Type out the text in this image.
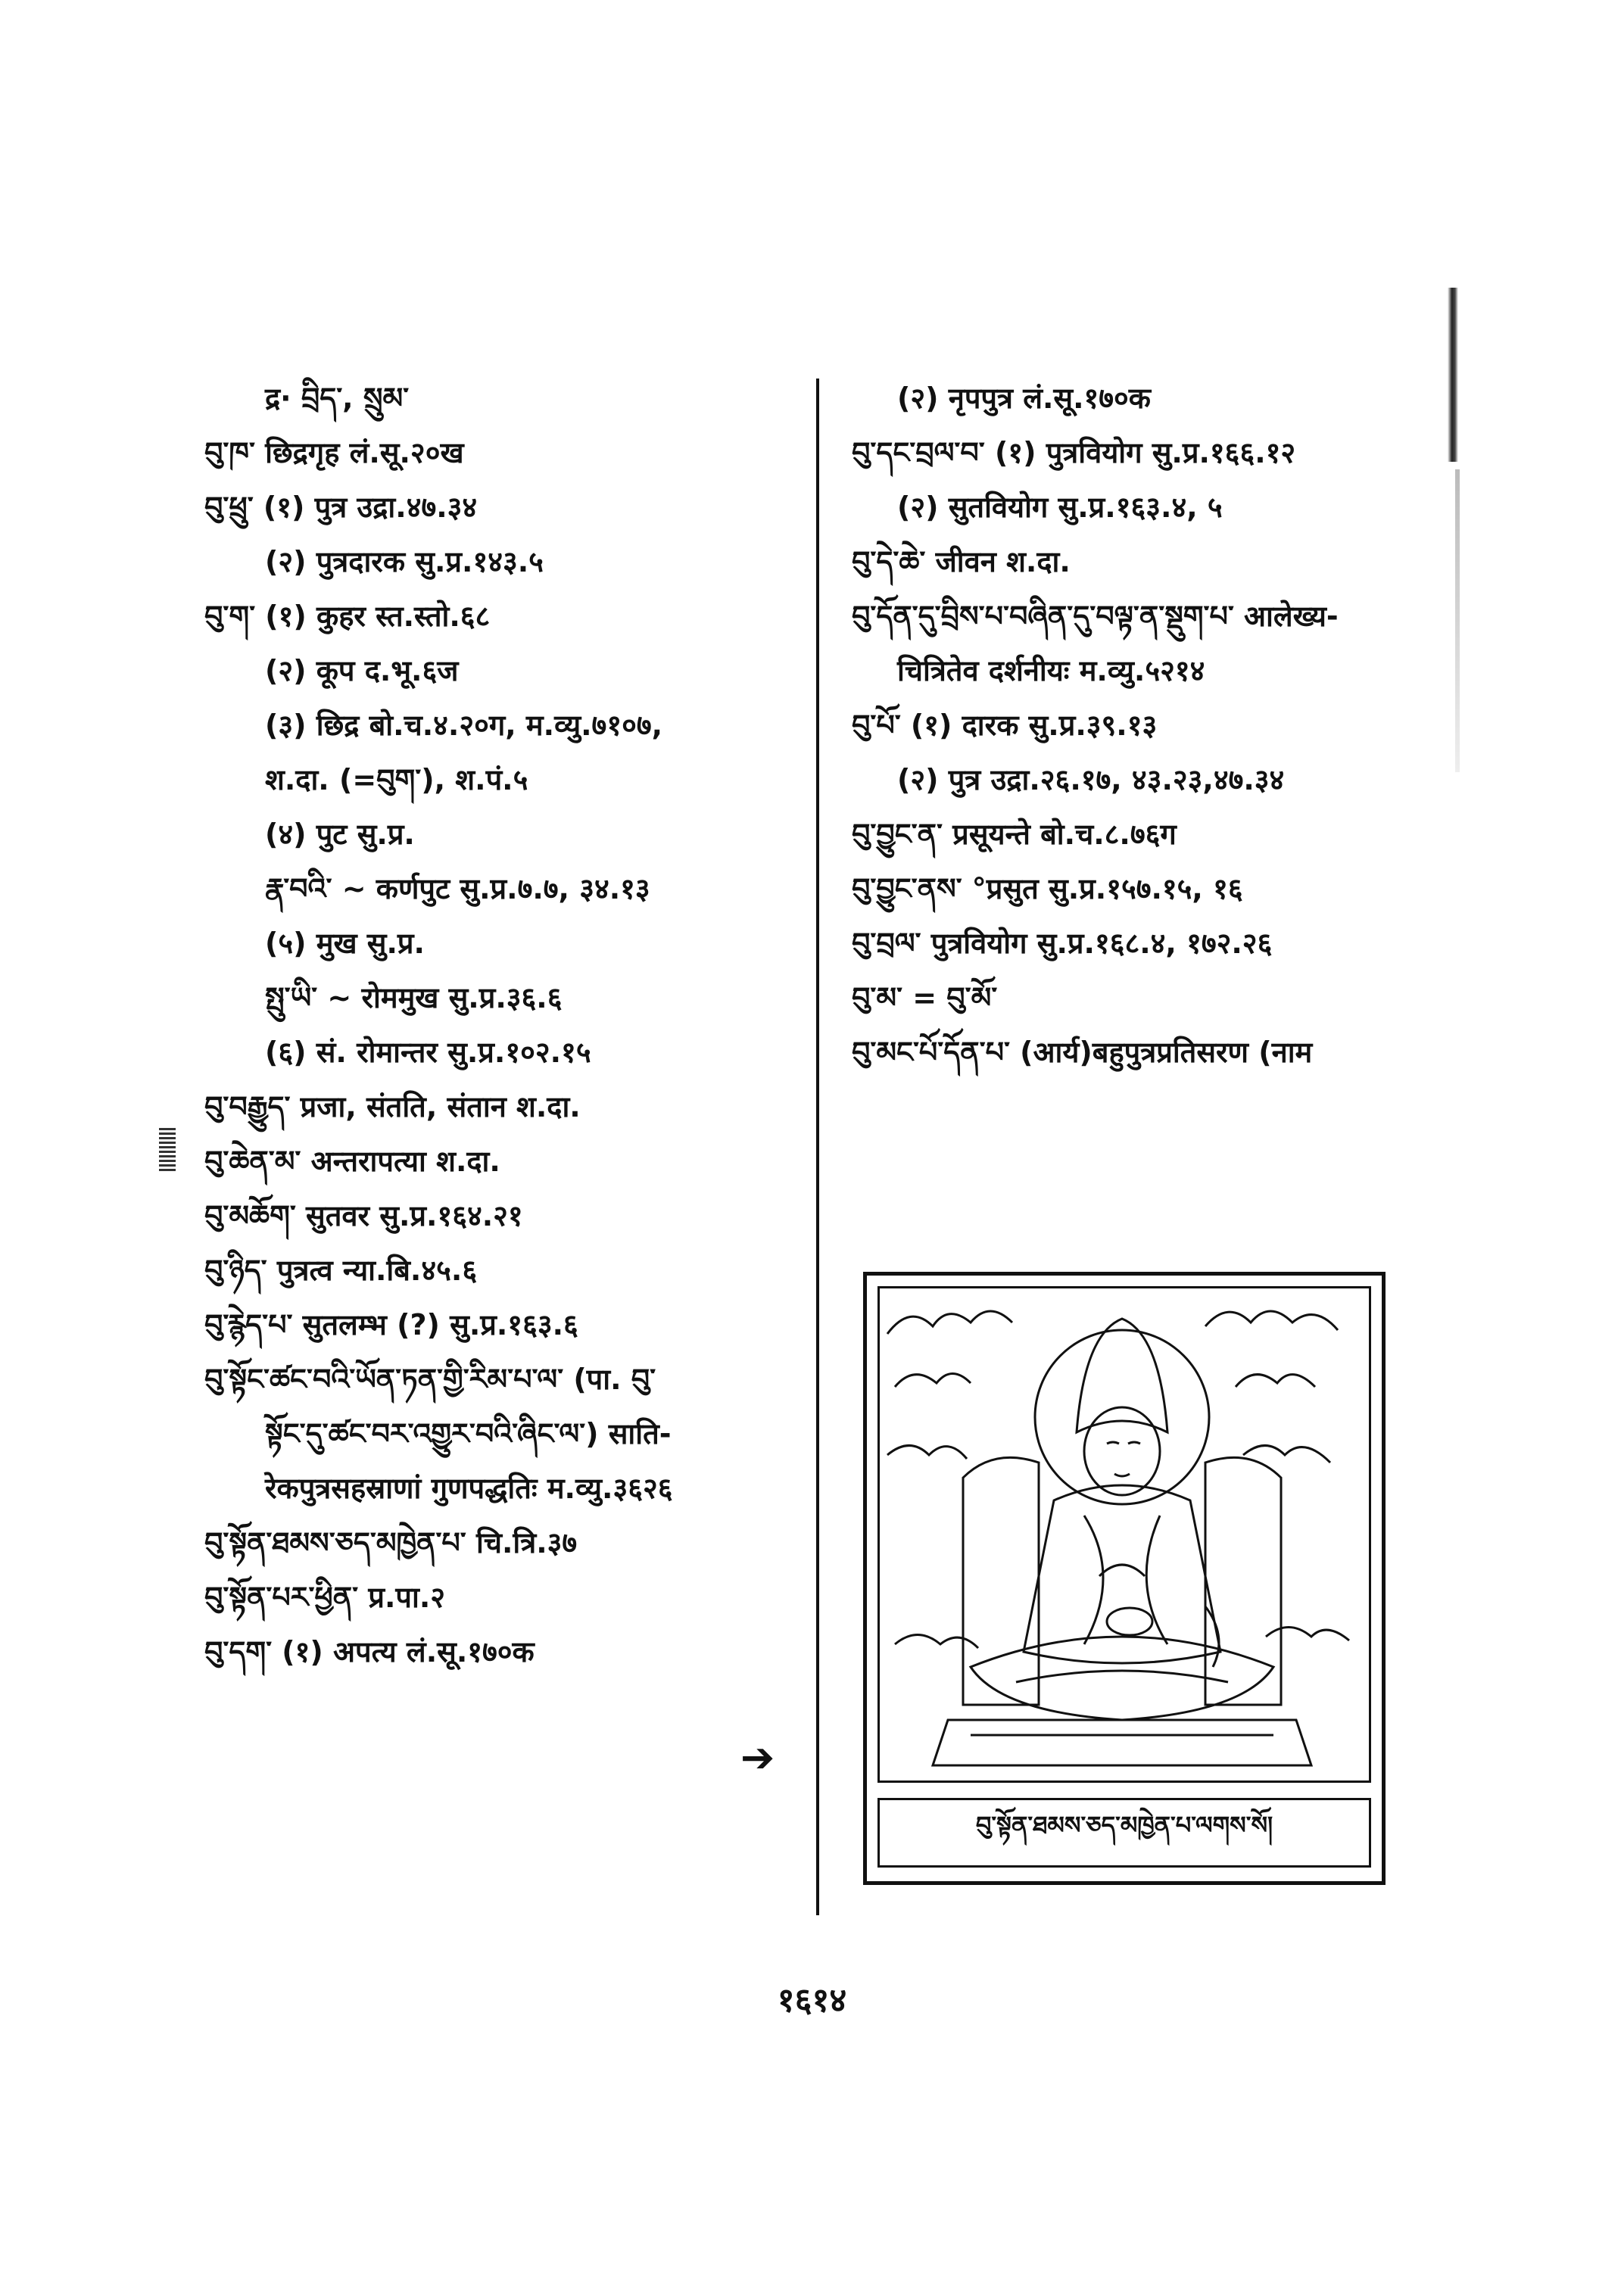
द्र· བྲིད་, སྲུམ་
བུ་ཁ་ छिद्रगृह लं.सू.२०ख
བུ་ཕྲུ་ (१) पुत्र उद्रा.४७.३४
(२) पुत्रदारक सु.प्र.१४३.५
བུ་ག་ (१) कुहर स्त.स्तो.६८
(२) कूप द.भू.६ज
(३) छिद्र बो.च.४.२०ग, म.व्यु.७१०७,
श.दा. (=བུག་), श.पं.५
(४) पुट सु.प्र.
རྣ་བའི་ ~ कर्णपुट सु.प्र.७.७, ३४.१३
(५) मुख सु.प्र.
སྤུ་ཡི་ ~ रोममुख सु.प्र.३६.६
(६) सं. रोमान्तर सु.प्र.१०२.१५
བུ་བརྒྱུད་ प्रजा, संतति, संतान श.दा.
བུ་ཆེན་མ་ अन्तरापत्या श.दा.
བུ་མཆོག་ सुतवर सु.प्र.१६४.२१
བུ་ཉིད་ पुत्रत्व न्या.बि.४५.६
བུ་རྙེད་པ་ सुतलम्भ (?) सु.प्र.१६३.६
བུ་སྟོང་ཚང་བའི་ཡོན་ཏན་གྱི་རིམ་པ་ལ་ (पा. བུ་
སྟོང་དུ་ཚང་བར་འགྱུར་བའི་ཞིང་ལ་) साति-
रेकपुत्रसहस्राणां गुणपद्धतिः म.व्यु.३६२६
བུ་སྟོན་ཐམས་ཅད་མཁྱེན་པ་ चि.त्रि.३७
བུ་སྟོན་པར་ཕྱིན་ प्र.पा.२
བུ་དག་ (१) अपत्य लं.सू.१७०क
➔
(२) नृपपुत्र लं.सू.१७०क
བུ་དང་བྲལ་བ་ (१) पुत्रवियोग सु.प्र.१६६.१२
(२) सुतवियोग सु.प्र.१६३.४, ५
བུ་དེ་ཆེ་ जीवन श.दा.
བུ་དོན་དུ་བྲིས་པ་བཞིན་དུ་བལྟ་ན་སྡུག་པ་ आलेख्य-
चित्रितेव दर्शनीयः म.व्यु.५२१४
བུ་པོ་ (१) दारक सु.प्र.३९.१३
(२) पुत्र उद्रा.२६.१७, ४३.२३,४७.३४
བུ་བྱུང་ན་ प्रसूयन्ते बो.च.८.७६ग
བུ་བྱུང་ནས་ °प्रसुत सु.प्र.१५७.१५, १६
བུ་བྲལ་ पुत्रवियोग सु.प्र.१६८.४, १७२.२६
བུ་མ་ = བུ་མོ་
བུ་མང་པོ་དོན་པ་ (आर्य)बहुपुत्रप्रतिसरण (नाम
བུ་སྟོན་ཐམས་ཅད་མཁྱེན་པ་ལགས་སོ།
१६१४
